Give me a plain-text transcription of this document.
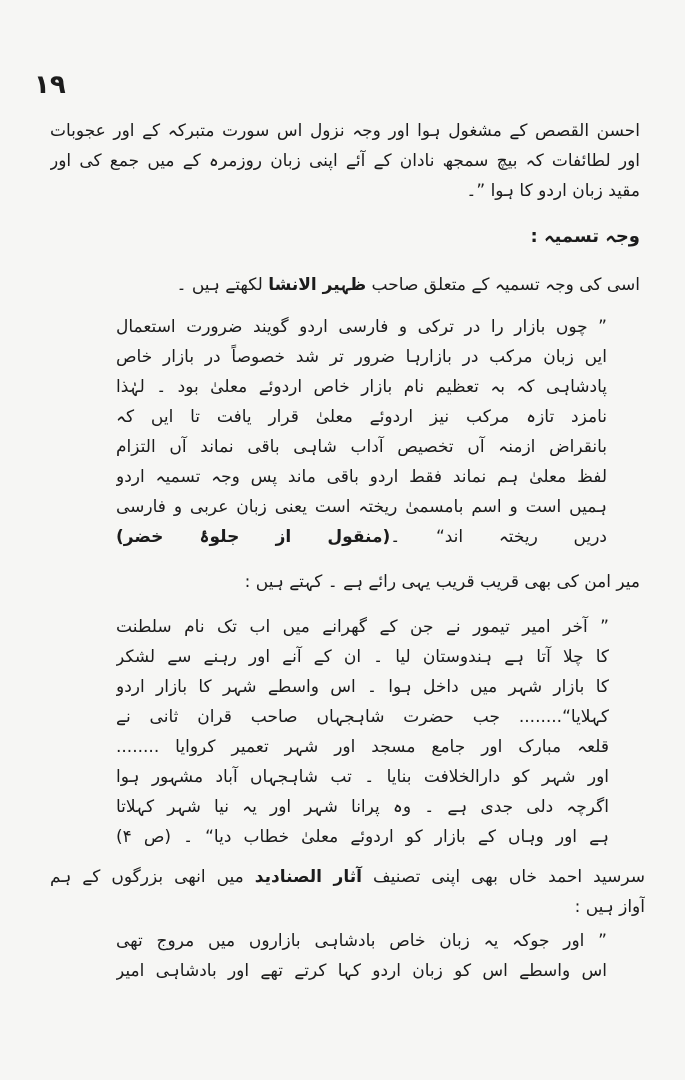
١٩
احسن القصص کے مشغول ہوا اور وجہ نزول اس سورت متبرکہ کے اور عجوبات
اور لطائفات کہ بیچ سمجھ نادان کے آئے اپنی زبان روزمرہ کے میں جمع کی اور
مقید زبان اردو کا ہوا ”۔
وجہ تسمیہ :
اسی کی وجہ تسمیہ کے متعلق صاحب ظہیر الانشا لکھتے ہیں ۔
” چوں بازار را در ترکی و فارسی اردو گویند ضرورت استعمال
ایں زبان مرکب در بازارہا ضرور تر شد خصوصاً در بازار خاص
پادشاہی کہ بہ تعظیم نام بازار خاص اردوئے معلیٰ بود ۔ لہٰذا
نامزد تازہ مرکب نیز اردوئے معلیٰ قرار یافت تا ایں کہ
بانقراض ازمنہ آں تخصیص آداب شاہی باقی نماند آں التزام
لفظ معلیٰ ہم نماند فقط اردو باقی ماند پس وجہ تسمیہ اردو
ہمیں است و اسم بامسمیٰ ریختہ است یعنی زبان عربی و فارسی
دریں ریختہ اند“ ۔(منقول از جلوۂ خضر)
میر امن کی بھی قریب قریب یہی رائے ہے ۔ کہتے ہیں :
” آخر امیر تیمور نے جن کے گھرانے میں اب تک نام سلطنت
کا چلا آتا ہے ہندوستان لیا ۔ ان کے آنے اور رہنے سے لشکر
کا بازار شہر میں داخل ہوا ۔ اس واسطے شہر کا بازار اردو
کہلایا“........ جب حضرت شاہجہاں صاحب قران ثانی نے
قلعہ مبارک اور جامع مسجد اور شہر تعمیر کروایا ........
اور شہر کو دارالخلافت بنایا ۔ تب شاہجہاں آباد مشہور ہوا
اگرچہ دلی جدی ہے ۔ وہ پرانا شہر اور یہ نیا شہر کہلاتا
ہے اور وہاں کے بازار کو اردوئے معلیٰ خطاب دیا“ ۔ (ص ۴)
سرسید احمد خاں بھی اپنی تصنیف آثار الصنادید میں انھی بزرگوں کے ہم
آواز ہیں :
” اور جوکہ یہ زبان خاص بادشاہی بازاروں میں مروج تھی
اس واسطے اس کو زبان اردو کہا کرتے تھے اور بادشاہی امیر
